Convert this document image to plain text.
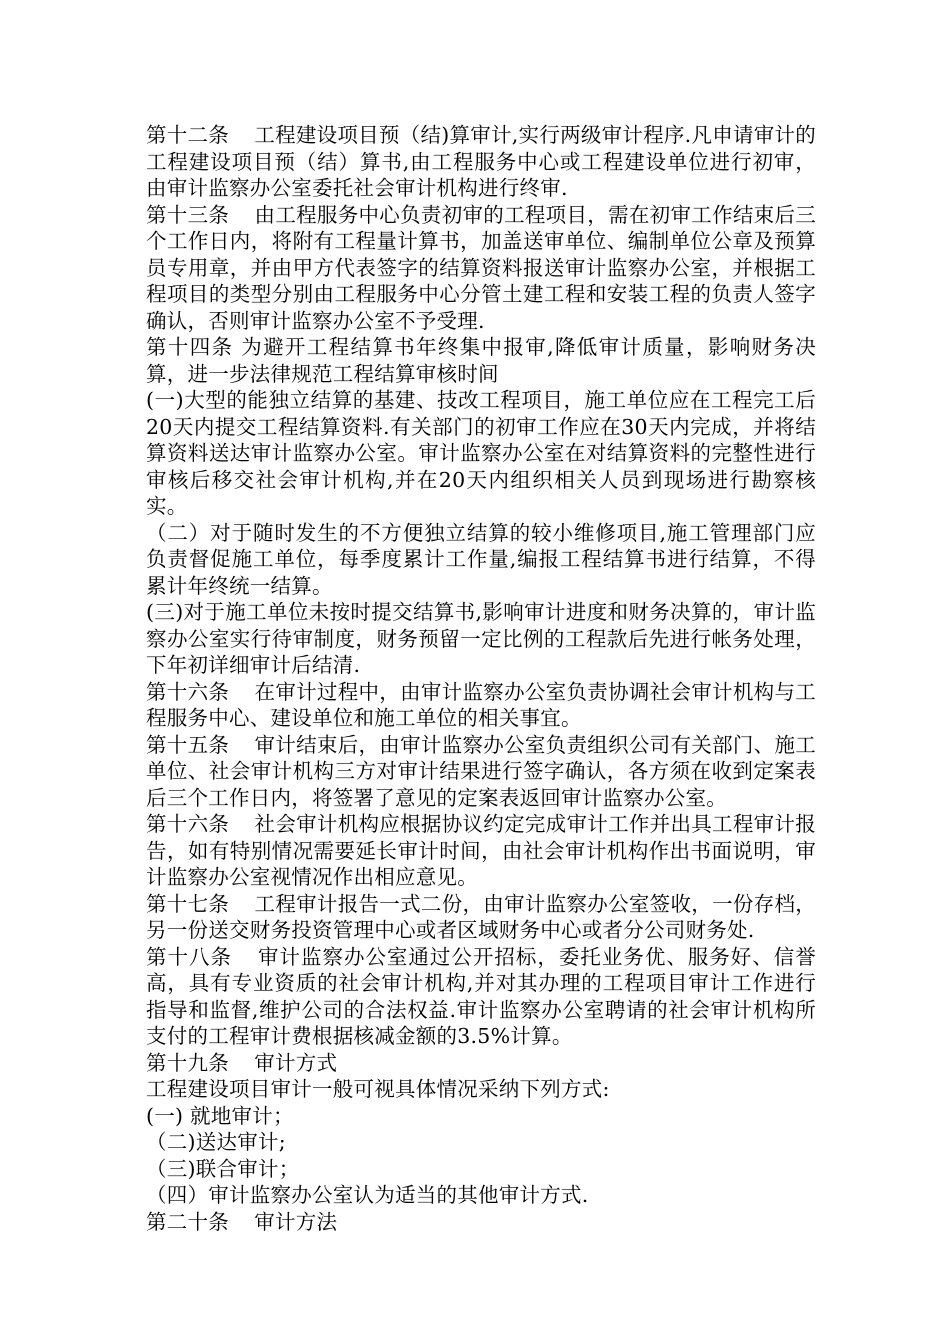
第十二条	工程建设项目预（结)算审计,实行两级审计程序.凡申请审计的工程建设项目预（结）算书,由工程服务中心或工程建设单位进行初审，由审计监察办公室委托社会审计机构进行终审.

第十三条	由工程服务中心负责初审的工程项目，需在初审工作结束后三个工作日内，将附有工程量计算书，加盖送审单位、编制单位公章及预算员专用章，并由甲方代表签字的结算资料报送审计监察办公室，并根据工程项目的类型分别由工程服务中心分管土建工程和安装工程的负责人签字确认，否则审计监察办公室不予受理.

第十四条 为避开工程结算书年终集中报审,降低审计质量，影响财务决算，进一步法律规范工程结算审核时间

(一)大型的能独立结算的基建、技改工程项目，施工单位应在工程完工后20天内提交工程结算资料.有关部门的初审工作应在30天内完成，并将结算资料送达审计监察办公室。审计监察办公室在对结算资料的完整性进行审核后移交社会审计机构,并在20天内组织相关人员到现场进行勘察核实。

（二）对于随时发生的不方便独立结算的较小维修项目,施工管理部门应负责督促施工单位，每季度累计工作量,编报工程结算书进行结算，不得累计年终统一结算。

(三)对于施工单位未按时提交结算书,影响审计进度和财务决算的，审计监察办公室实行待审制度，财务预留一定比例的工程款后先进行帐务处理，下年初详细审计后结清.

第十六条	在审计过程中，由审计监察办公室负责协调社会审计机构与工程服务中心、建设单位和施工单位的相关事宜。

第十五条	审计结束后，由审计监察办公室负责组织公司有关部门、施工单位、社会审计机构三方对审计结果进行签字确认，各方须在收到定案表后三个工作日内，将签署了意见的定案表返回审计监察办公室。

第十六条	社会审计机构应根据协议约定完成审计工作并出具工程审计报告，如有特别情况需要延长审计时间，由社会审计机构作出书面说明，审计监察办公室视情况作出相应意见。

第十七条	工程审计报告一式二份，由审计监察办公室签收，一份存档，另一份送交财务投资管理中心或者区域财务中心或者分公司财务处.

第十八条	审计监察办公室通过公开招标，委托业务优、服务好、信誉高，具有专业资质的社会审计机构,并对其办理的工程项目审计工作进行指导和监督,维护公司的合法权益.审计监察办公室聘请的社会审计机构所支付的工程审计费根据核减金额的3.5%计算。

第十九条	审计方式

工程建设项目审计一般可视具体情况采纳下列方式:

(一) 就地审计；

（二)送达审计;

（三)联合审计；

（四）审计监察办公室认为适当的其他审计方式.

第二十条	审计方法
